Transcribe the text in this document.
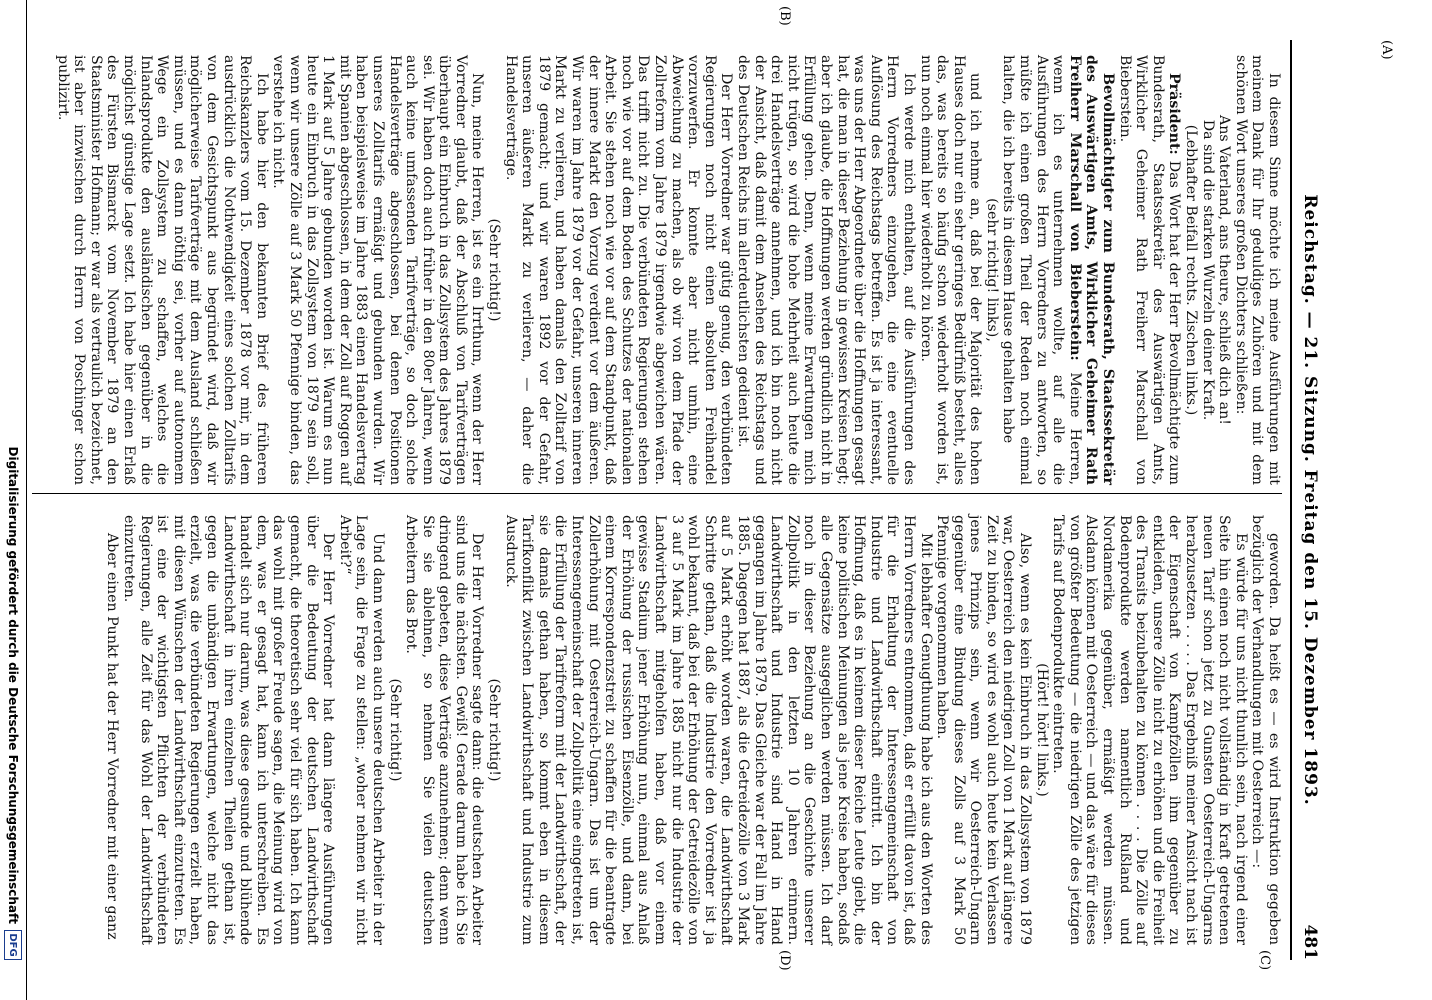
(A)
Reichstag. — 21. Sitzung. Freitag den 15. Dezember 1893.
481

In diesem Sinne möchte ich meine Ausführungen mit meinem Dank für Ihr geduldiges Zuhören und mit dem schönen Wort unseres großen Dichters schließen:

Ans Vaterland, ans theure, schließ dich an!

Da sind die starken Wurzeln deiner Kraft.

(Lebhafter Beifall rechts. Zischen links.)

Präsident: Das Wort hat der Herr Bevollmächtigte zum Bundesrath, Staatssekretär des Auswärtigen Amts, Wirklicher Geheimer Rath Freiherr Marschall von Bieberstein.

Bevollmächtigter zum Bundesrath, Staatssekretär des Auswärtigen Amts, Wirklicher Geheimer Rath Freiherr Marschall von Bieberstein: Meine Herren, wenn ich es unternehmen wollte, auf alle die Ausführungen des Herrn Vorredners zu antworten, so müßte ich einen großen Theil der Reden noch einmal halten, die ich bereits in diesem Hause gehalten habe

(sehr richtig! links),

und ich nehme an, daß bei der Majorität des hohen Hauses doch nur ein sehr geringes Bedürfniß besteht, alles das, was bereits so häufig schon wiederholt worden ist, nun noch einmal hier wiederholt zu hören.

Ich werde mich enthalten, auf die Ausführungen des Herrn Vorredners einzugehen, die eine eventuelle Auflösung des Reichstags betreffen. Es ist ja interessant, was uns der Herr Abgeordnete über die Hoffnungen gesagt hat, die man in dieser Beziehung in gewissen Kreisen hegt; aber ich glaube, die Hoffnungen werden gründlich nicht in Erfüllung gehen. Denn, wenn meine Erwartungen mich nicht trügen, so wird die hohe Mehrheit auch heute die drei Handelsverträge annehmen, und ich bin noch nicht der Ansicht, daß damit dem Ansehen des Reichstags und des Deutschen Reichs im allerdeutlichsten gedient ist.

Der Herr Vorredner war gütig genug, den verbündeten Regierungen noch nicht einen absoluten Freihandel vorzuwerfen. Er konnte aber nicht umhin, eine Abweichung zu machen, als ob wir von dem Pfade der Zollreform vom Jahre 1879 irgendwie abgewichen wären. Das trifft nicht zu. Die verbündeten Regierungen stehen noch wie vor auf dem Boden des Schutzes der nationalen Arbeit. Sie stehen noch wie vor auf dem Standpunkt, daß der innere Markt den Vorzug verdient vor dem äußeren. Wir waren im Jahre 1879 vor der Gefahr, unseren inneren Markt zu verlieren, und haben damals den Zolltarif von 1879 gemacht; und wir waren 1892 vor der Gefahr, unseren äußeren Markt zu verlieren, — daher die Handelsverträge.

(Sehr richtig!)

Nun, meine Herren, ist es ein Irrthum, wenn der Herr Vorredner glaubt, daß der Abschluß von Tarifverträgen überhaupt ein Einbruch in das Zollsystem des Jahres 1879 sei. Wir haben doch auch früher in den 80er Jahren, wenn auch keine umfassenden Tarifverträge, so doch solche Handelsverträge abgeschlossen, bei denen Positionen unseres Zolltarifs ermäßigt und gebunden wurden. Wir haben beispielsweise im Jahre 1883 einen Handelsvertrag mit Spanien abgeschlossen, in dem der Zoll auf Roggen auf 1 Mark auf 5 Jahre gebunden worden ist. Warum es nun heute ein Einbruch in das Zollsystem von 1879 sein soll, wenn wir unsere Zölle auf 3 Mark 50 Pfennige binden, das verstehe ich nicht.

Ich habe hier den bekannten Brief des früheren Reichskanzlers vom 15. Dezember 1878 vor mir, in dem ausdrücklich die Nothwendigkeit eines solchen Zolltarifs von dem Gesichtspunkt aus begründet wird, daß wir möglicherweise Tarifverträge mit dem Ausland schließen müssen, und es dann nöthig sei, vorher auf autonomem Wege ein Zollsystem zu schaffen, welches die Inlandsprodukte den ausländischen gegenüber in die möglichst günstige Lage setzt. Ich habe hier einen Erlaß des Fürsten Bismarck vom November 1879 an den Staatsminister Hofmann; er war als vertraulich bezeichnet, ist aber inzwischen durch Herrn von Poschinger schon publizirt.

geworden. Da heißt es — es wird Instruktion gegeben bezüglich der Verhandlungen mit Oesterreich —:

Es würde für uns nicht thunlich sein, nach irgend einer Seite hin einen noch nicht vollständig in Kraft getretenen neuen Tarif schon jetzt zu Gunsten Oesterreich-Ungarns herabzusetzen . . . . . Das Ergebniß meiner Ansicht nach ist der Eigenschaft von Kampfzöllen ihm gegenüber zu entkleiden, unsere Zölle nicht zu erhöhen und die Freiheit des Transits beizubehalten zu können . . . . Die Zölle auf Bodenprodukte werden namentlich Rußland und Nordamerika gegenüber, ermäßigt werden müssen. Alsdann können mit Oesterreich — und das wäre für dieses von größter Bedeutung — die niedrigen Zölle des jetzigen Tarifs auf Bodenprodukte eintreten.

(Hört! hört! links.)

Also, wenn es kein Einbruch in das Zollsystem von 1879 war, Oesterreich den niedrigen Zoll von 1 Mark auf längere Zeit zu binden, so wird es wohl auch heute kein Verlassen jenes Prinzips sein, wenn wir Oesterreich-Ungarn gegenüber eine Bindung dieses Zolls auf 3 Mark 50 Pfennige vorgenommen haben.

Mit lebhafter Genugthuung habe ich aus den Worten des Herrn Vorredners entnommen, daß er erfüllt davon ist, daß für die Erhaltung der Interessengemeinschaft von Industrie und Landwirthschaft eintritt. Ich bin der Hoffnung, daß es in keinem dieser Reiche Leute giebt, die keine politischen Meinungen als jene Kreise haben, sodaß alle Gegensätze ausgeglichen werden müssen. Ich darf noch in dieser Beziehung an die Geschichte unserer Zollpolitik in den letzten 10 Jahren erinnern. Landwirthschaft und Industrie sind Hand in Hand gegangen im Jahre 1879. Das Gleiche war der Fall im Jahre 1885. Dagegen hat 1887, als die Getreidezölle von 3 Mark auf 5 Mark erhöht worden waren, die Landwirthschaft Schritte gethan, daß die Industrie den Vorredner ist ja wohl bekannt, daß bei der Erhöhung der Getreidezölle von 3 auf 5 Mark im Jahre 1885 nicht nur die Industrie der Landwirthschaft mitgeholfen haben, daß vor einem gewisse Stadium jener Erhöhung nun, einmal aus Anlaß der Erhöhung der russischen Eisenzölle, und dann, bei einem Korrespondenzstreit zu schaffen für die beantragte Zollerhöhung mit Oesterreich-Ungarn. Das ist um der Interessengemeinschaft der Zollpolitik eine eingetreten ist, die Erfüllung der Tarifreform mit der Landwirthschaft, der sie damals gethan haben, so kommt eben in diesem Tarifkonflikt zwischen Landwirthschaft und Industrie zum Ausdruck.

(Sehr richtig!)

Der Herr Vorredner sagte dann: die deutschen Arbeiter sind uns die nächsten. Gewiß! Gerade darum habe ich Sie dringend gebeten, diese Verträge anzunehmen; denn wenn Sie sie ablehnen, so nehmen Sie vielen deutschen Arbeitern das Brot.

(Sehr richtig!)

Und dann werden auch unsere deutschen Arbeiter in der Lage sein, die Frage zu stellen: „woher nehmen wir nicht Arbeit?“

Der Herr Vorredner hat dann längere Ausführungen über die Bedeutung der deutschen Landwirthschaft gemacht, die theoretisch sehr viel für sich haben. Ich kann das wohl mit großer Freude sagen, die Meinung wird von dem, was er gesagt hat, kann ich unterschreiben. Es handelt sich nur darum, was diese gesunde und blühende Landwirthschaft in ihren einzelnen Theilen gethan ist, gegen die unbändigen Erwartungen, welche nicht das erzielt, was die verbündeten Regierungen erzielt haben, mit diesen Wünschen der Landwirthschaft einzutreten. Es ist eine der wichtigsten Pflichten der verbündeten Regierungen, alle Zeit für das Wohl der Landwirthschaft einzutreten.

Aber einen Punkt hat der Herr Vorredner mit einer ganz

(B)
(D)	(C)
Digitalisierung gefördert durch die Deutsche Forschungsgemeinschaft
DFG
